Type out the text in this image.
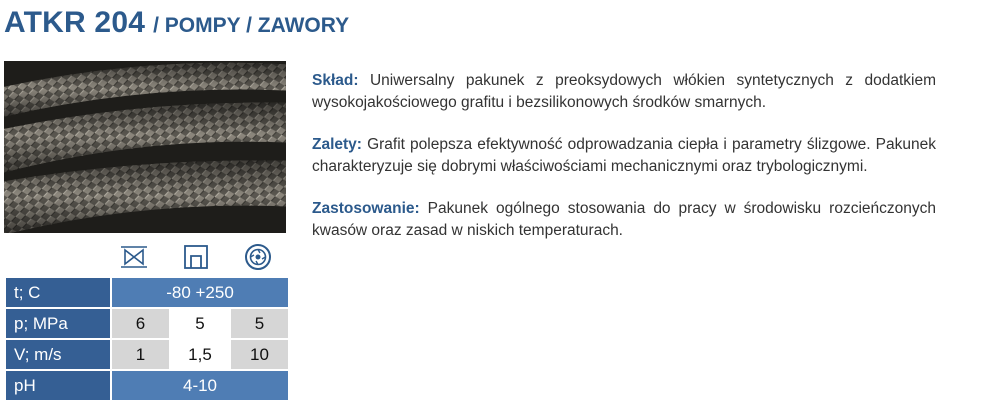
ATKR 204 / POMPY / ZAWORY
t; C	-80 +250		
p; MPa	6	5	5
V; m/s	1	1,5	10
pH	4-10		

Skład: Uniwersalny pakunek z preoksydowych włókien syntetycznych z dodatkiem wysokojakościowego grafitu i bezsilikonowych środków smarnych.

Zalety: Grafit polepsza efektywność odprowadzania ciepła i parametry ślizgowe. Pakunek charakteryzuje się dobrymi właściwościami mechanicznymi oraz trybologicznymi.

Zastosowanie: Pakunek ogólnego stosowania do pracy w środowisku rozcieńczonych kwasów oraz zasad w niskich temperaturach.
